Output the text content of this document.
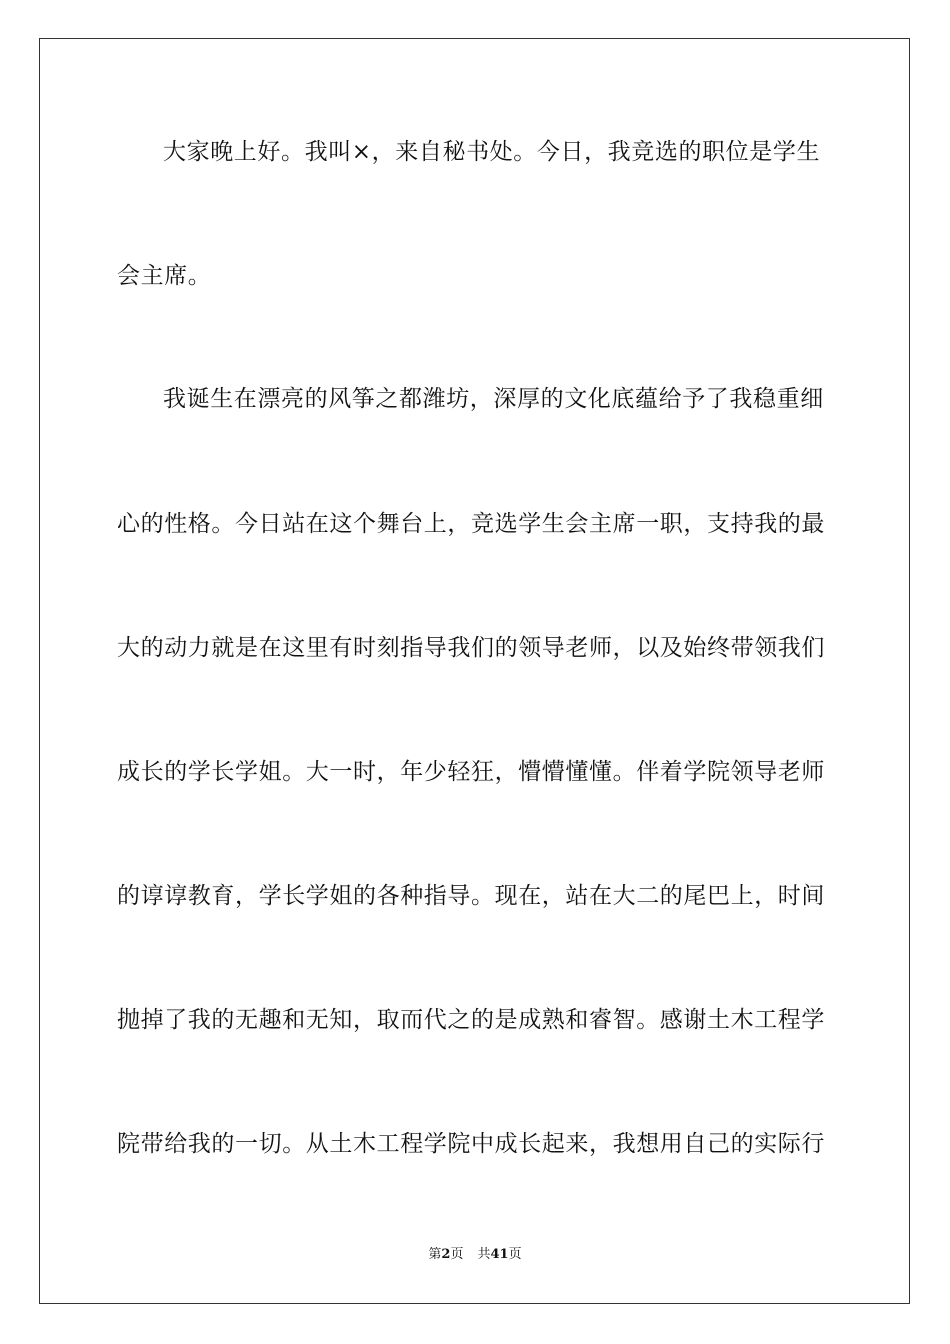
大家晚上好。我叫×，来自秘书处。今日，我竞选的职位是学生
会主席。
我诞生在漂亮的风筝之都潍坊，深厚的文化底蕴给予了我稳重细
心的性格。今日站在这个舞台上，竞选学生会主席一职，支持我的最
大的动力就是在这里有时刻指导我们的领导老师，以及始终带领我们
成长的学长学姐。大一时，年少轻狂，懵懵懂懂。伴着学院领导老师
的谆谆教育，学长学姐的各种指导。现在，站在大二的尾巴上，时间
抛掉了我的无趣和无知，取而代之的是成熟和睿智。感谢土木工程学
院带给我的一切。从土木工程学院中成长起来，我想用自己的实际行
第2页 共41页
